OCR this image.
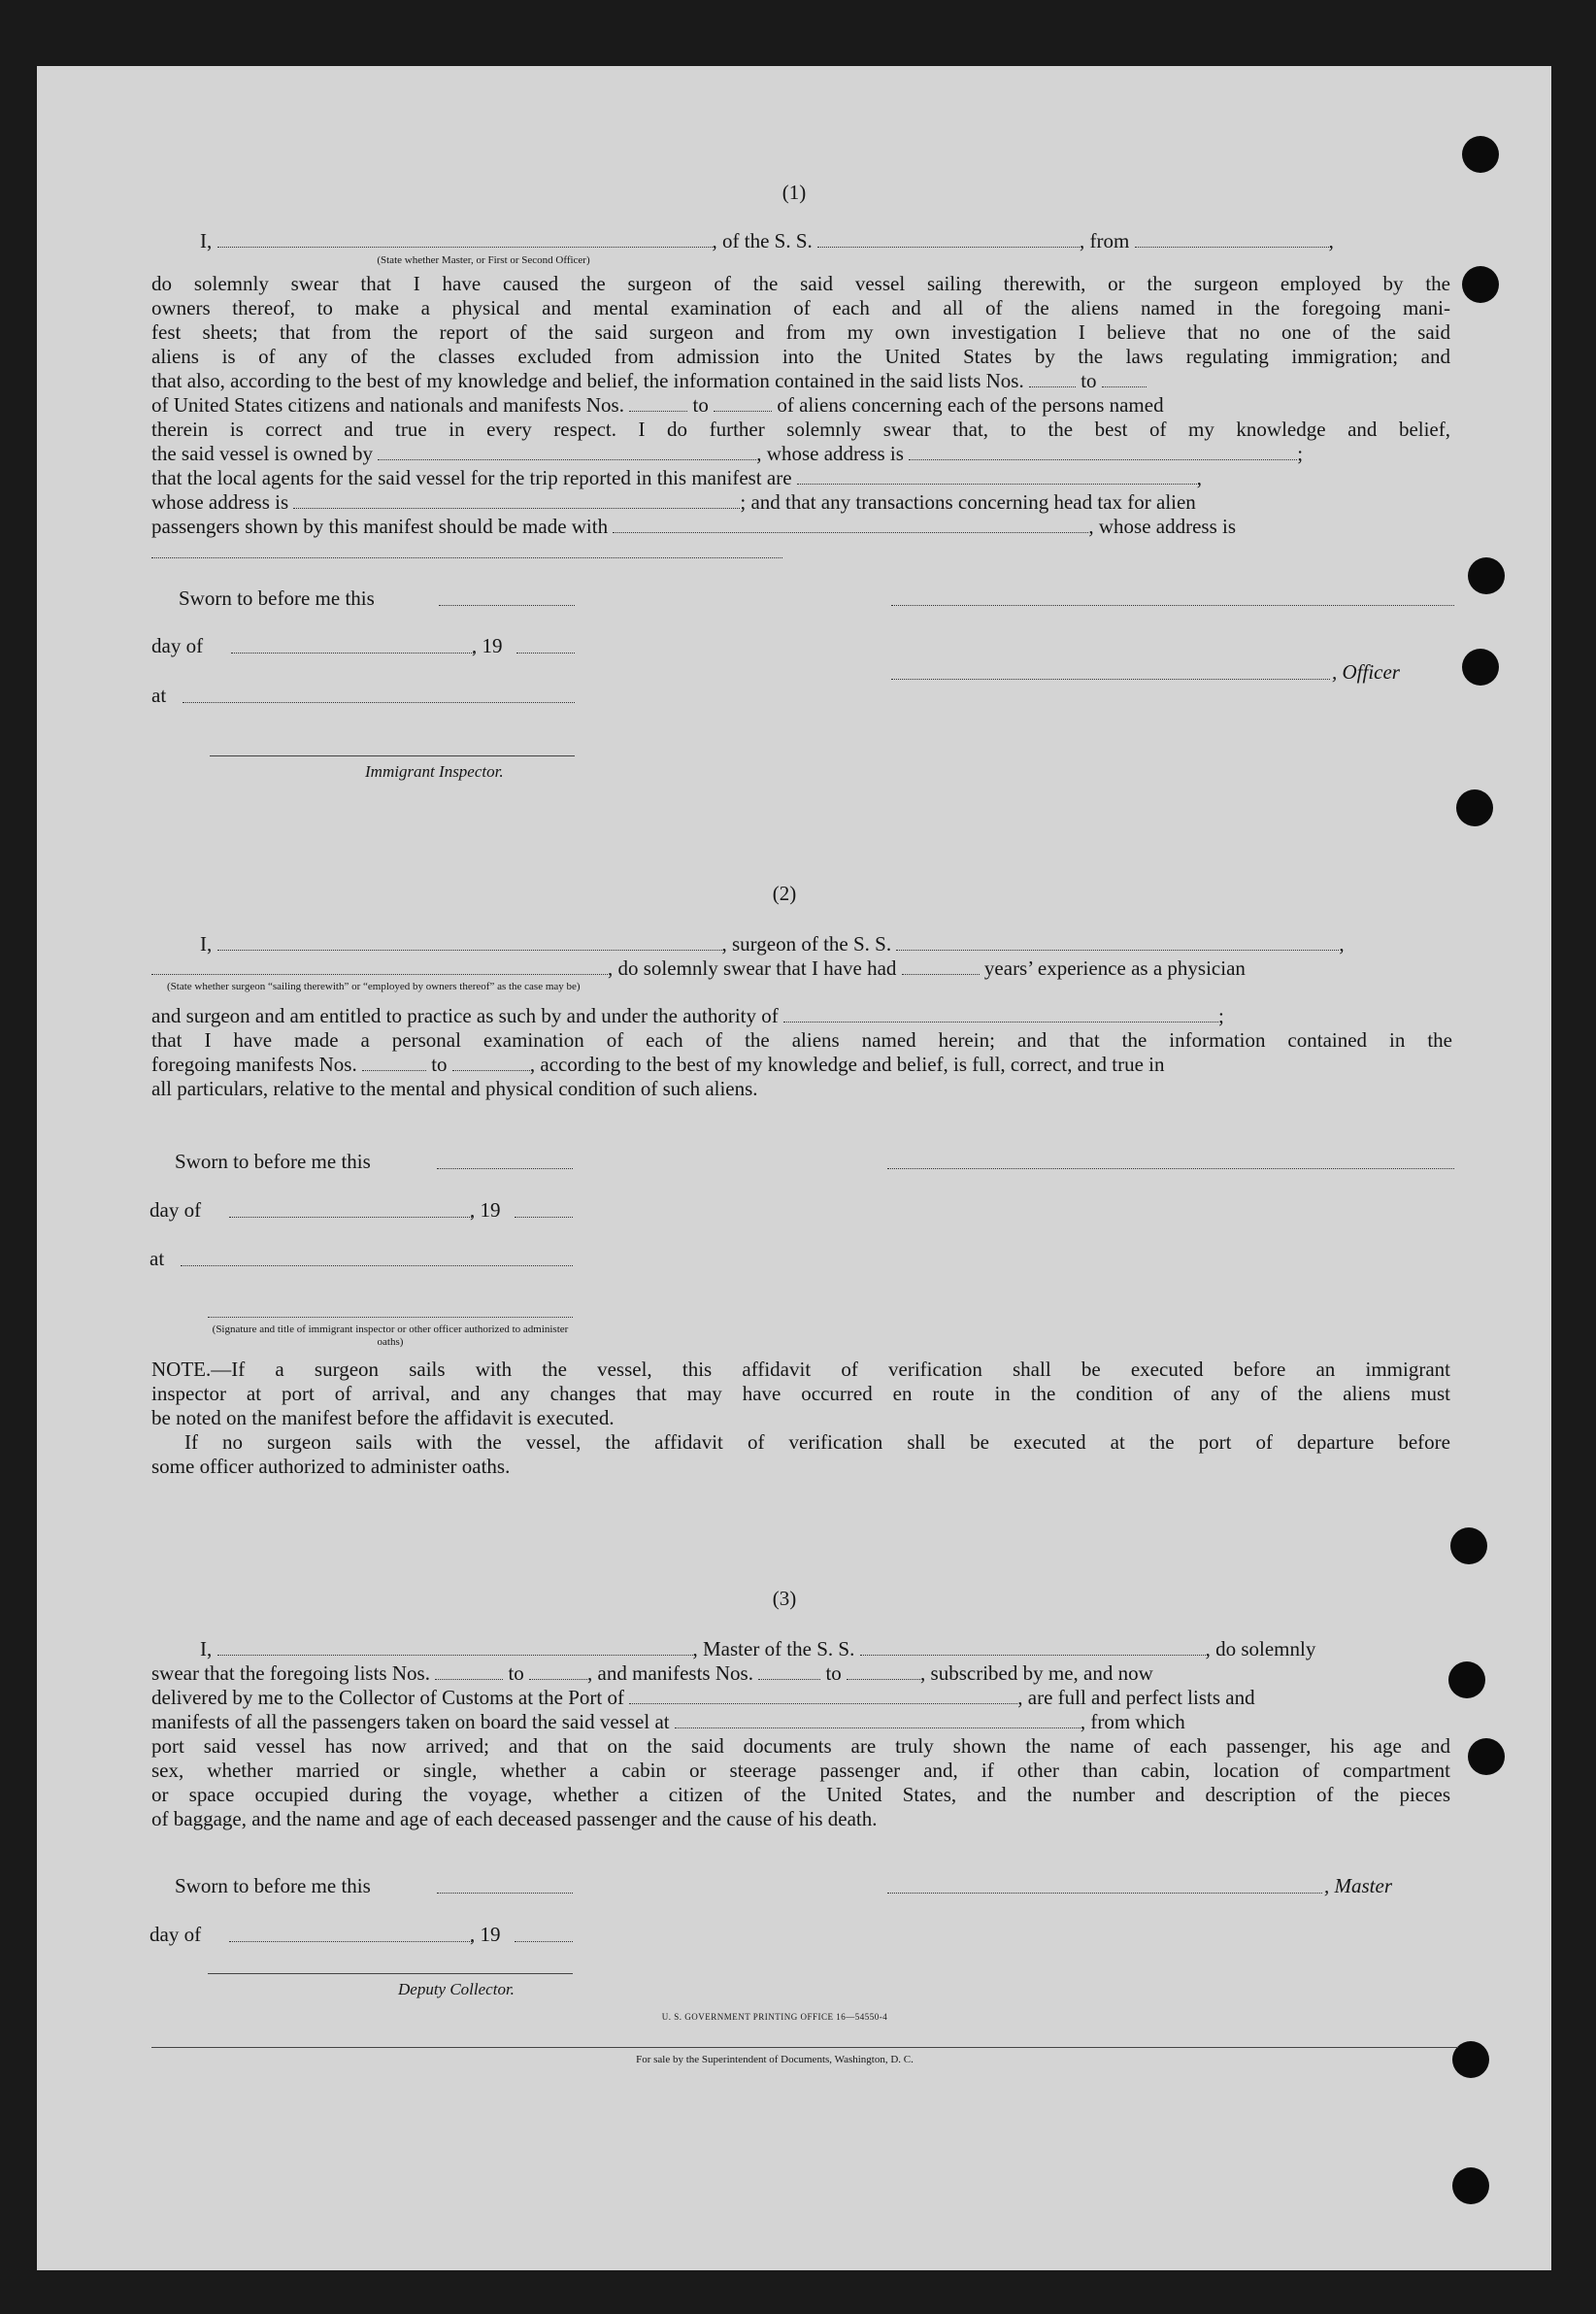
(1)
I,	, of the S. S.	, from	,
(State whether Master, or First or Second Officer)
do solemnly swear that I have caused the surgeon of the said vessel sailing therewith, or the surgeon employed by the
owners thereof, to make a physical and mental examination of each and all of the aliens named in the foregoing mani-
fest sheets; that from the report of the said surgeon and from my own investigation I believe that no one of the said
aliens is of any of the classes excluded from admission into the United States by the laws regulating immigration; and
that also, according to the best of my knowledge and belief, the information contained in the said lists Nos.	to
of United States citizens and nationals and manifests Nos.	to	of aliens concerning each of the persons named
therein is correct and true in every respect. I do further solemnly swear that, to the best of my knowledge and belief,
the said vessel is owned by	, whose address is	;
that the local agents for the said vessel for the trip reported in this manifest are	,
whose address is	; and that any transactions concerning head tax for alien
passengers shown by this manifest should be made with	, whose address is
Sworn to before me this
day of	, 19
at
, Officer
Immigrant Inspector.
(2)
I,	, surgeon of the S. S.	,
, do solemnly swear that I have had	years’ experience as a physician
(State whether surgeon “sailing therewith” or “employed by owners thereof” as the case may be)
and surgeon and am entitled to practice as such by and under the authority of	;
that I have made a personal examination of each of the aliens named herein; and that the information contained in the
foregoing manifests Nos.	to	, according to the best of my knowledge and belief, is full, correct, and true in
all particulars, relative to the mental and physical condition of such aliens.
Sworn to before me this
day of	, 19
at
(Signature and title of immigrant inspector or other officer authorized to administer oaths)
NOTE.—If a surgeon sails with the vessel, this affidavit of verification shall be executed before an immigrant
inspector at port of arrival, and any changes that may have occurred en route in the condition of any of the aliens must
be noted on the manifest before the affidavit is executed.
If no surgeon sails with the vessel, the affidavit of verification shall be executed at the port of departure before
some officer authorized to administer oaths.
(3)
I,	, Master of the S. S.	, do solemnly
swear that the foregoing lists Nos.	to	, and manifests Nos.	to	, subscribed by me, and now
delivered by me to the Collector of Customs at the Port of	, are full and perfect lists and
manifests of all the passengers taken on board the said vessel at	, from which
port said vessel has now arrived; and that on the said documents are truly shown the name of each passenger, his age and
sex, whether married or single, whether a cabin or steerage passenger and, if other than cabin, location of compartment
or space occupied during the voyage, whether a citizen of the United States, and the number and description of the pieces
of baggage, and the name and age of each deceased passenger and the cause of his death.
Sworn to before me this	, Master
day of	, 19
Deputy Collector.
U. S. GOVERNMENT PRINTING OFFICE 16—54550-4
For sale by the Superintendent of Documents, Washington, D. C.
